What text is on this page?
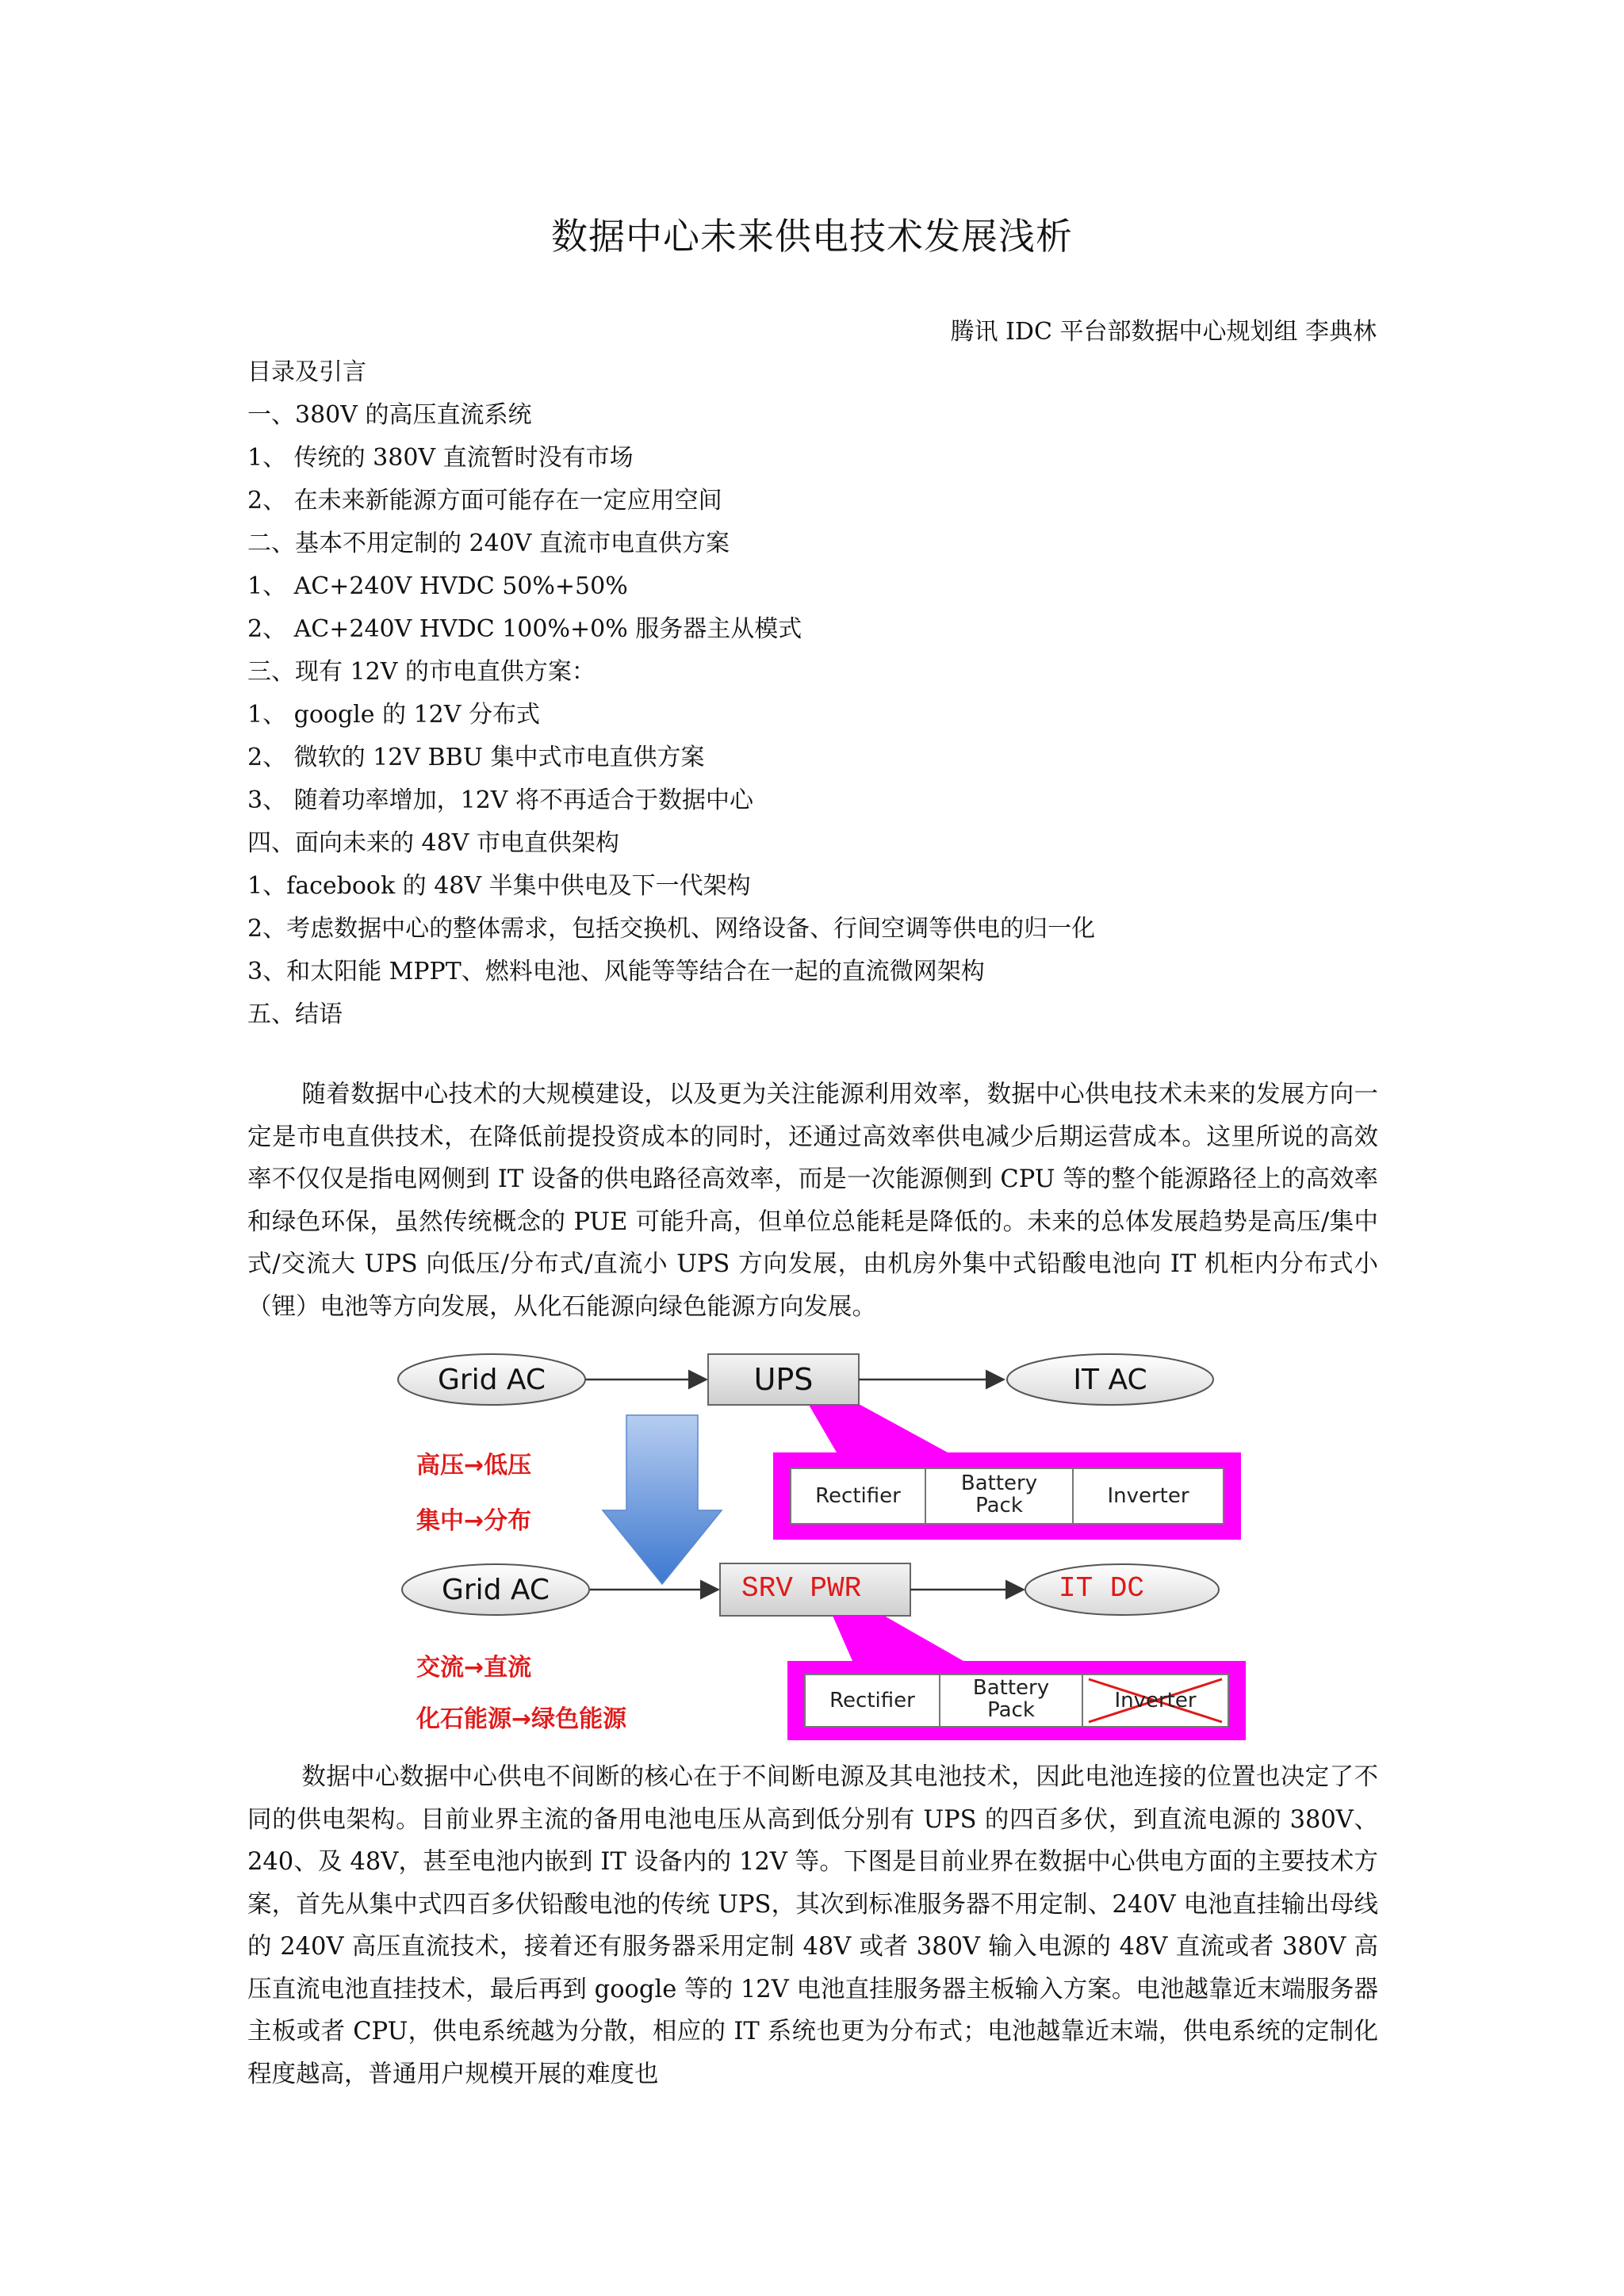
数据中心未来供电技术发展浅析
腾讯 IDC 平台部数据中心规划组 李典林
目录及引言
一、380V 的高压直流系统
1、 传统的 380V 直流暂时没有市场
2、 在未来新能源方面可能存在一定应用空间
二、基本不用定制的 240V 直流市电直供方案
1、 AC+240V HVDC 50%+50%
2、 AC+240V HVDC 100%+0% 服务器主从模式
三、现有 12V 的市电直供方案：
1、 google 的 12V 分布式
2、 微软的 12V BBU 集中式市电直供方案
3、 随着功率增加，12V 将不再适合于数据中心
四、面向未来的 48V 市电直供架构
1、facebook 的 48V 半集中供电及下一代架构
2、考虑数据中心的整体需求，包括交换机、网络设备、行间空调等供电的归一化
3、和太阳能 MPPT、燃料电池、风能等等结合在一起的直流微网架构
五、结语
随着数据中心技术的大规模建设，以及更为关注能源利用效率，数据中心供电技术未来的发展方向一定是市电直供技术，在降低前提投资成本的同时，还通过高效率供电减少后期运营成本。这里所说的高效率不仅仅是指电网侧到 IT 设备的供电路径高效率，而是一次能源侧到 CPU 等的整个能源路径上的高效率和绿色环保，虽然传统概念的 PUE 可能升高，但单位总能耗是降低的。未来的总体发展趋势是高压/集中式/交流大 UPS 向低压/分布式/直流小 UPS 方向发展，由机房外集中式铅酸电池向 IT 机柜内分布式小（锂）电池等方向发展，从化石能源向绿色能源方向发展。
Grid AC	UPS	IT AC
Rectifier
Battery
Pack	Inverter
高压→低压
集中→分布
Grid AC	SRV PWR	IT DC
交流→直流
化石能源→绿色能源
Rectifier
Battery
Pack	Inverter
数据中心数据中心供电不间断的核心在于不间断电源及其电池技术，因此电池连接的位置也决定了不同的供电架构。目前业界主流的备用电池电压从高到低分别有 UPS 的四百多伏，到直流电源的 380V、240、及 48V，甚至电池内嵌到 IT 设备内的 12V 等。下图是目前业界在数据中心供电方面的主要技术方案，首先从集中式四百多伏铅酸电池的传统 UPS，其次到标准服务器不用定制、240V 电池直挂输出母线的 240V 高压直流技术，接着还有服务器采用定制 48V 或者 380V 输入电源的 48V 直流或者 380V 高压直流电池直挂技术，最后再到 google 等的 12V 电池直挂服务器主板输入方案。电池越靠近末端服务器主板或者 CPU，供电系统越为分散，相应的 IT 系统也更为分布式；电池越靠近末端，供电系统的定制化程度越高，普通用户规模开展的难度也
